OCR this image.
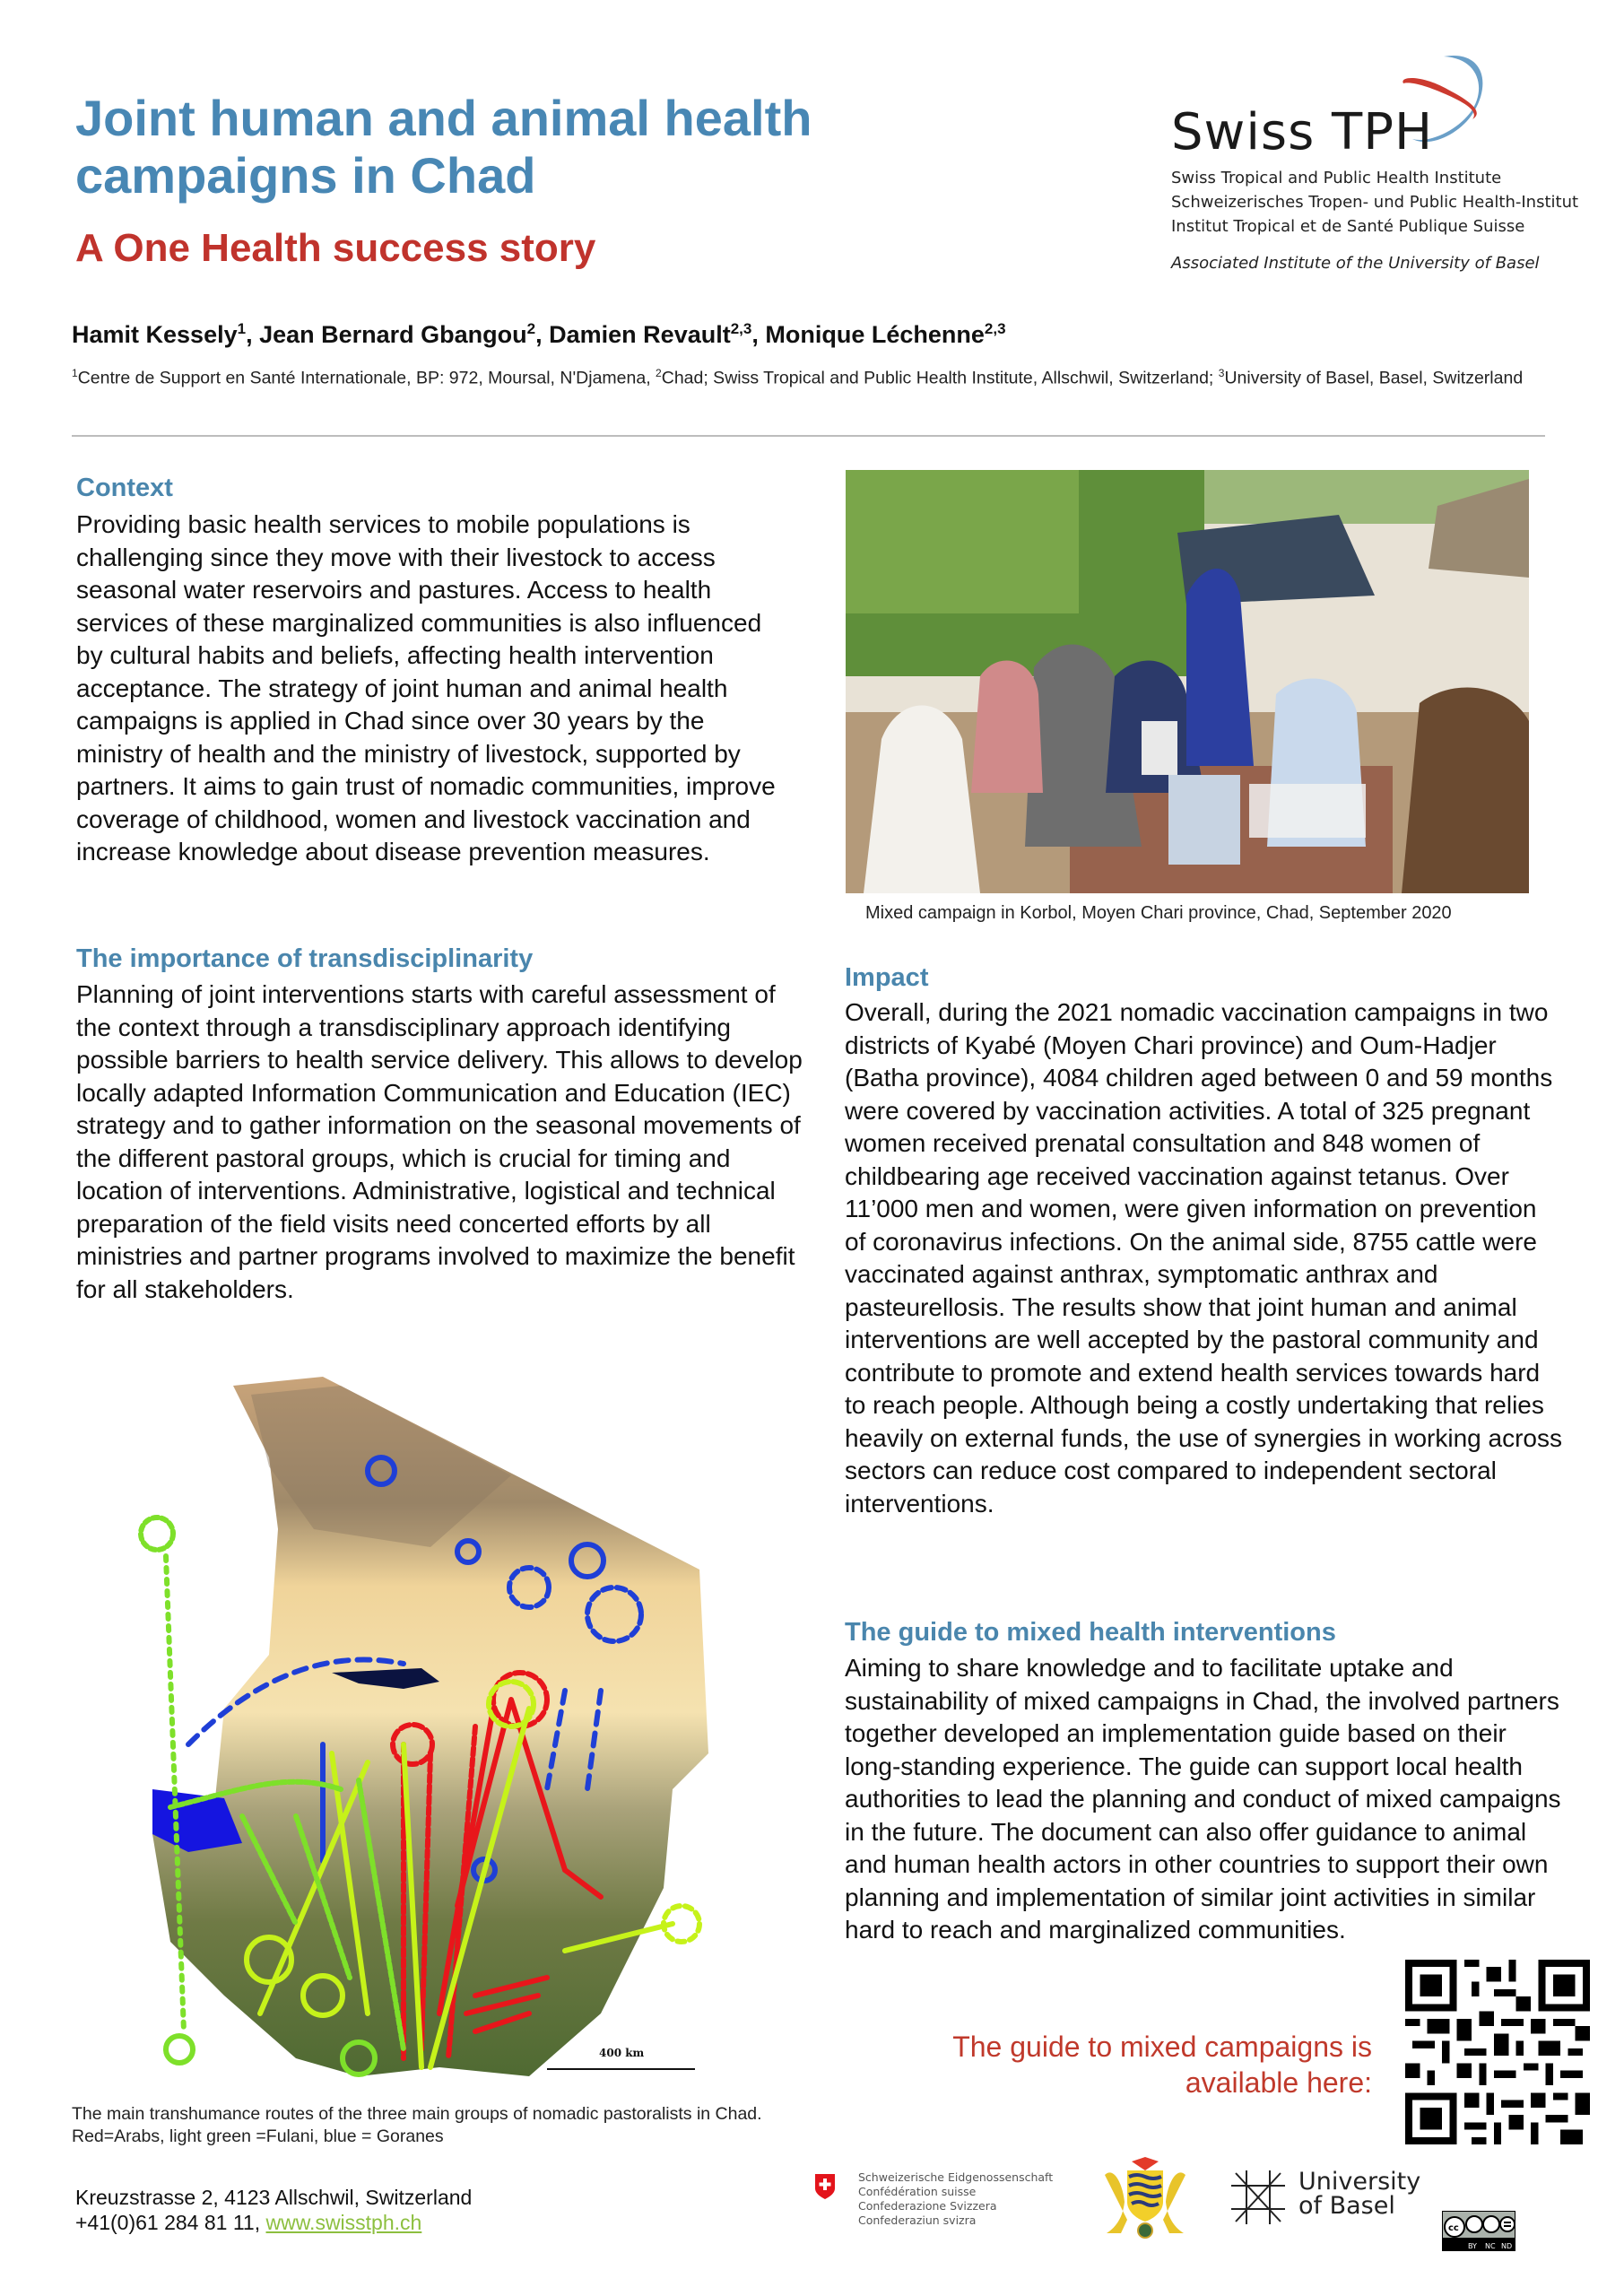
Joint human and animal health
campaigns in Chad
A One Health success story
Swiss TPH
Swiss Tropical and Public Health Institute
Schweizerisches Tropen- und Public Health-Institut
Institut Tropical et de Santé Publique Suisse
Associated Institute of the University of Basel
Hamit Kessely$^1$, Jean Bernard Gbangou$^2$, Damien Revault$^{2,3}$, Monique Léchenne$^{2,3}$
$^1$Centre de Support en Santé Internationale, BP: 972, Moursal, N'Djamena, $^2$Chad; Swiss Tropical and Public Health Institute, Allschwil, Switzerland; $^3$University of Basel, Basel, Switzerland
Context
Providing basic health services to mobile populations is challenging since they move with their livestock to access seasonal water reservoirs and pastures. Access to health services of these marginalized communities is also influenced by cultural habits and beliefs, affecting health intervention acceptance. The strategy of joint human and animal health campaigns is applied in Chad since over 30 years by the ministry of health and the ministry of livestock, supported by partners. It aims to gain trust of nomadic communities, improve coverage of childhood, women and livestock vaccination and increase knowledge about disease prevention measures.
The importance of transdisciplinarity
Planning of joint interventions starts with careful assessment of the context through a transdisciplinary approach identifying possible barriers to health service delivery. This allows to develop locally adapted Information Communication and Education (IEC) strategy and to gather information on the seasonal movements of the different pastoral groups, which is crucial for timing and location of interventions. Administrative, logistical and technical preparation of the field visits need concerted efforts by all ministries and partner programs involved to maximize the benefit for all stakeholders.
400 km
The main transhumance routes of the three main groups of nomadic pastoralists in Chad. Red=Arabs, light green =Fulani, blue = Goranes
Kreuzstrasse 2, 4123 Allschwil, Switzerland
+41(0)61 284 81 11, www.swisstph.ch
Mixed campaign in Korbol, Moyen Chari province, Chad, September 2020
Impact
Overall, during the 2021 nomadic vaccination campaigns in two districts of Kyabé (Moyen Chari province) and Oum-Hadjer (Batha province), 4084 children aged between 0 and 59 months were covered by vaccination activities. A total of 325 pregnant women received prenatal consultation and 848 women of childbearing age received vaccination against tetanus. Over 11’000 men and women, were given information on prevention of coronavirus infections. On the animal side, 8755 cattle were vaccinated against anthrax, symptomatic anthrax and pasteurellosis. The results show that joint human and animal interventions are well accepted by the pastoral community and contribute to promote and extend health services towards hard to reach people. Although being a costly undertaking that relies heavily on external funds, the use of synergies in working across sectors can reduce cost compared to independent sectoral interventions.
The guide to mixed health interventions
Aiming to share knowledge and to facilitate uptake and sustainability of mixed campaigns in Chad, the involved partners together developed an implementation guide based on their long-standing experience. The guide can support local health authorities to lead the planning and conduct of mixed campaigns in the future. The document can also offer guidance to animal and human health actors in other countries to support their own planning and implementation of similar joint activities in similar hard to reach and marginalized communities.
The guide to mixed campaigns is
available here:
Schweizerische Eidgenossenschaft
Confédération suisse
Confederazione Svizzera
Confederaziun svizra
University
of Basel
cc
BY NC ND
